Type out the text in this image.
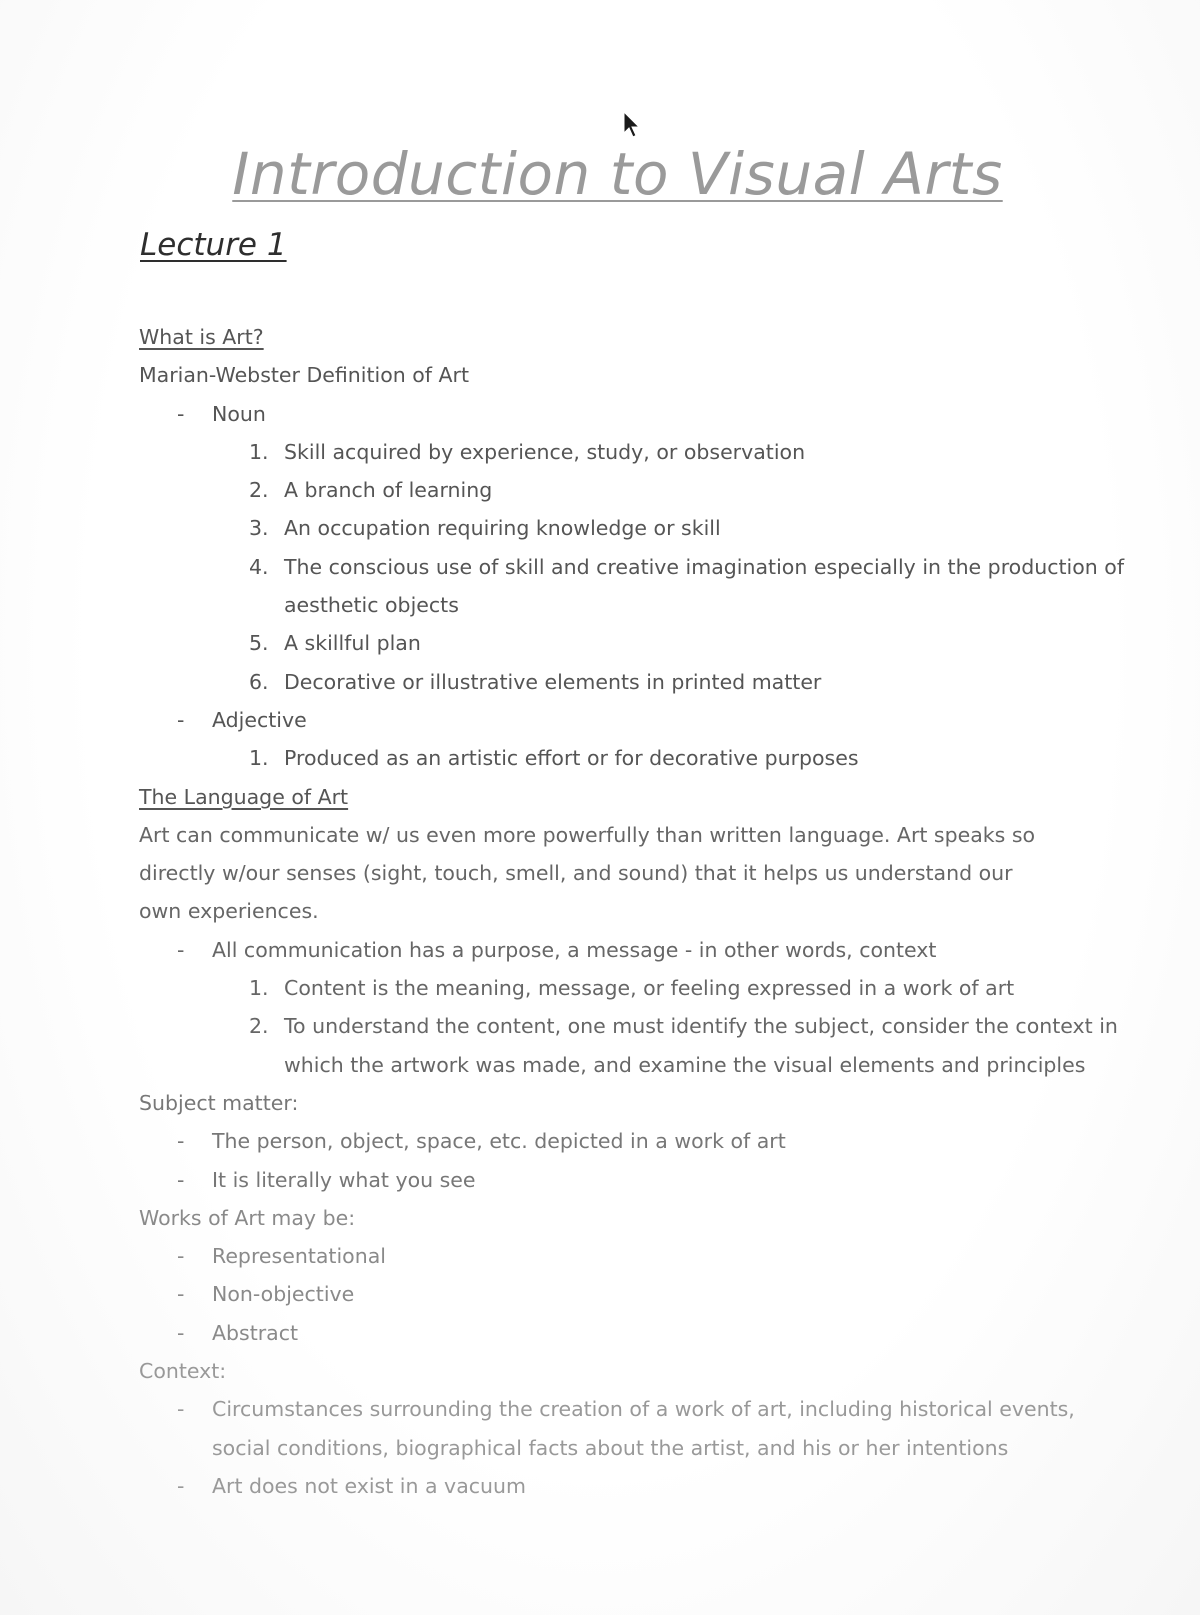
Introduction to Visual Arts
Lecture 1
What is Art?
Marian-Webster Definition of Art
- Noun
1. Skill acquired by experience, study, or observation
2. A branch of learning
3. An occupation requiring knowledge or skill
4. The conscious use of skill and creative imagination especially in the production of aesthetic objects
5. A skillful plan
6. Decorative or illustrative elements in printed matter
- Adjective
1. Produced as an artistic effort or for decorative purposes
The Language of Art
Art can communicate w/ us even more powerfully than written language. Art speaks so directly w/our senses (sight, touch, smell, and sound) that it helps us understand our own experiences.
- All communication has a purpose, a message - in other words, context
1. Content is the meaning, message, or feeling expressed in a work of art
2. To understand the content, one must identify the subject, consider the context in which the artwork was made, and examine the visual elements and principles
Subject matter:
- The person, object, space, etc. depicted in a work of art
- It is literally what you see
Works of Art may be:
- Representational
- Non-objective
- Abstract
Context:
- Circumstances surrounding the creation of a work of art, including historical events, social conditions, biographical facts about the artist, and his or her intentions
- Art does not exist in a vacuum
